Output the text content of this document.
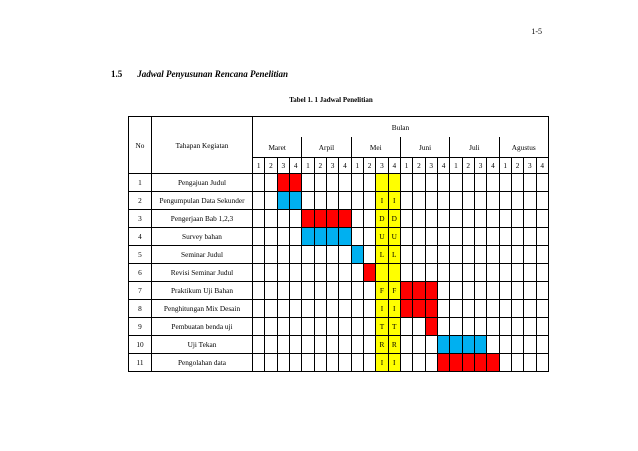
1-5
1.5 Jadwal Penyusunan Rencana Penelitian
Tabel 1. 1 Jadwal Penelitian
No	Tahapan Kegiatan	Bulan																							
		Maret				Arpil				Mei				Juni				Juli				Agustus			
		1	2	3	4	1	2	3	4	1	2	3	4	1	2	3	4	1	2	3	4	1	2	3	4
1	Pengajuan Judul																								
2	Pengumpulan Data Sekunder											I	I												
3	Pengerjaan Bab 1,2,3											D	D												
4	Survey bahan											U	U												
5	Seminar Judul											L	L												
6	Revisi Seminar Judul																								
7	Praktikum Uji Bahan											F	F												
8	Penghitungan Mix Desain											I	I												
9	Pembuatan benda uji											T	T												
10	Uji Tekan											R	R												
11	Pengolahan data											I	I												
